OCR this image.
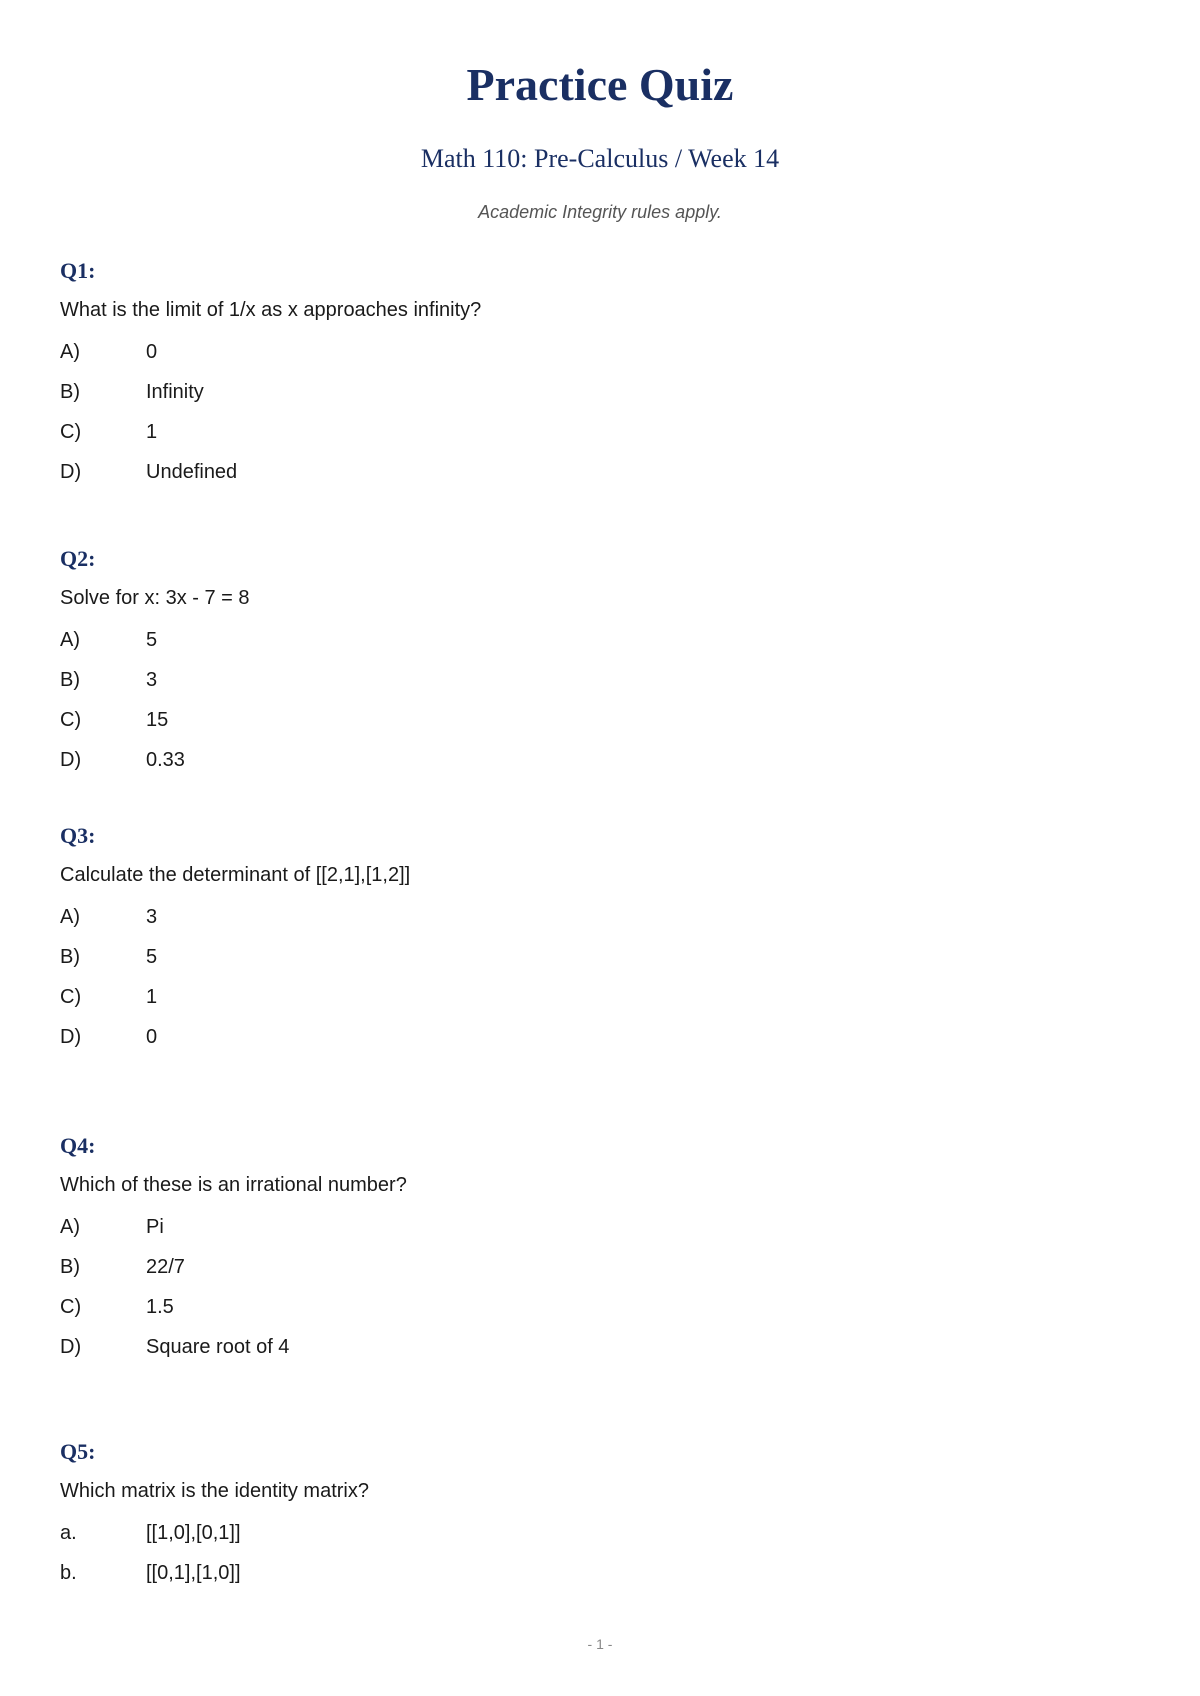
Practice Quiz
Math 110: Pre-Calculus / Week 14
Academic Integrity rules apply.
Q1:
What is the limit of 1/x as x approaches infinity?
A)	0
B)	Infinity
C)	1
D)	Undefined
Q2:
Solve for x: 3x - 7 = 8
A)	5
B)	3
C)	15
D)	0.33
Q3:
Calculate the determinant of [[2,1],[1,2]]
A)	3
B)	5
C)	1
D)	0
Q4:
Which of these is an irrational number?
A)	Pi
B)	22/7
C)	1.5
D)	Square root of 4
Q5:
Which matrix is the identity matrix?
a.	[[1,0],[0,1]]
b.	[[0,1],[1,0]]
- 1 -
